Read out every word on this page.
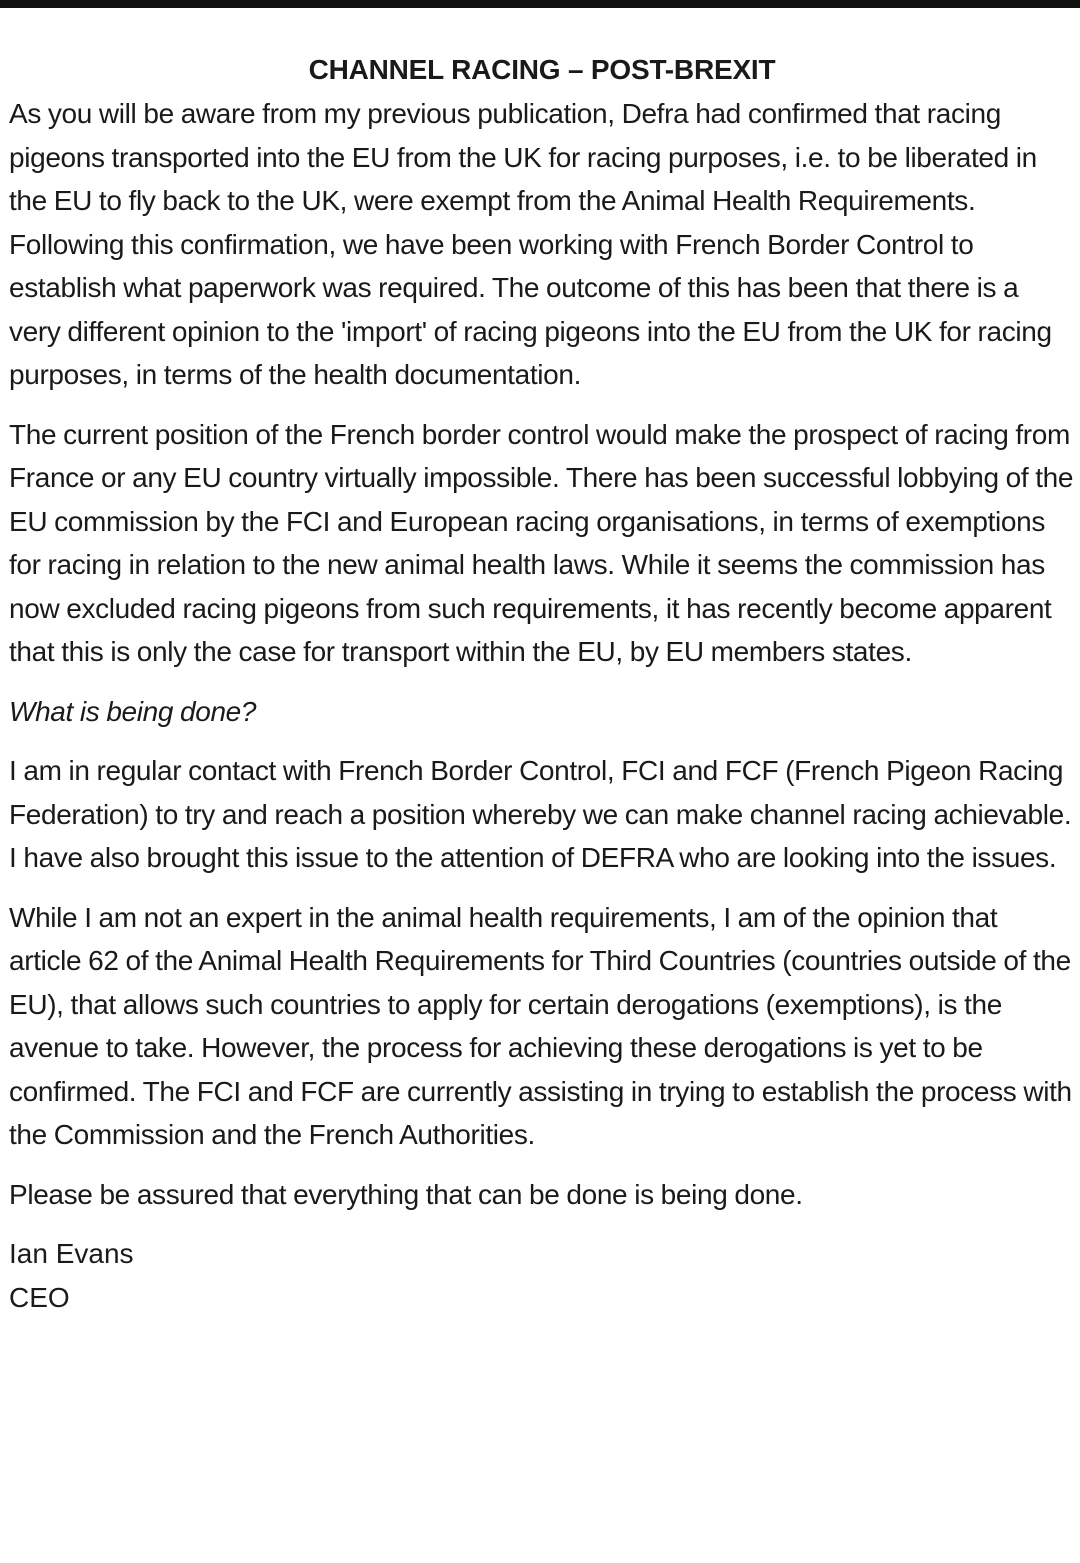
CHANNEL RACING – POST-BREXIT

As you will be aware from my previous publication, Defra had confirmed that racing pigeons transported into the EU from the UK for racing purposes, i.e. to be liberated in the EU to fly back to the UK, were exempt from the Animal Health Requirements. Following this confirmation, we have been working with French Border Control to establish what paperwork was required. The outcome of this has been that there is a very different opinion to the 'import' of racing pigeons into the EU from the UK for racing purposes, in terms of the health documentation.

The current position of the French border control would make the prospect of racing from France or any EU country virtually impossible. There has been successful lobbying of the EU commission by the FCI and European racing organisations, in terms of exemptions for racing in relation to the new animal health laws. While it seems the commission has now excluded racing pigeons from such requirements, it has recently become apparent that this is only the case for transport within the EU, by EU members states.

What is being done?

I am in regular contact with French Border Control, FCI and FCF (French Pigeon Racing Federation) to try and reach a position whereby we can make channel racing achievable. I have also brought this issue to the attention of DEFRA who are looking into the issues.

While I am not an expert in the animal health requirements, I am of the opinion that article 62 of the Animal Health Requirements for Third Countries (countries outside of the EU), that allows such countries to apply for certain derogations (exemptions), is the avenue to take. However, the process for achieving these derogations is yet to be confirmed. The FCI and FCF are currently assisting in trying to establish the process with the Commission and the French Authorities.

Please be assured that everything that can be done is being done.

Ian Evans

CEO
